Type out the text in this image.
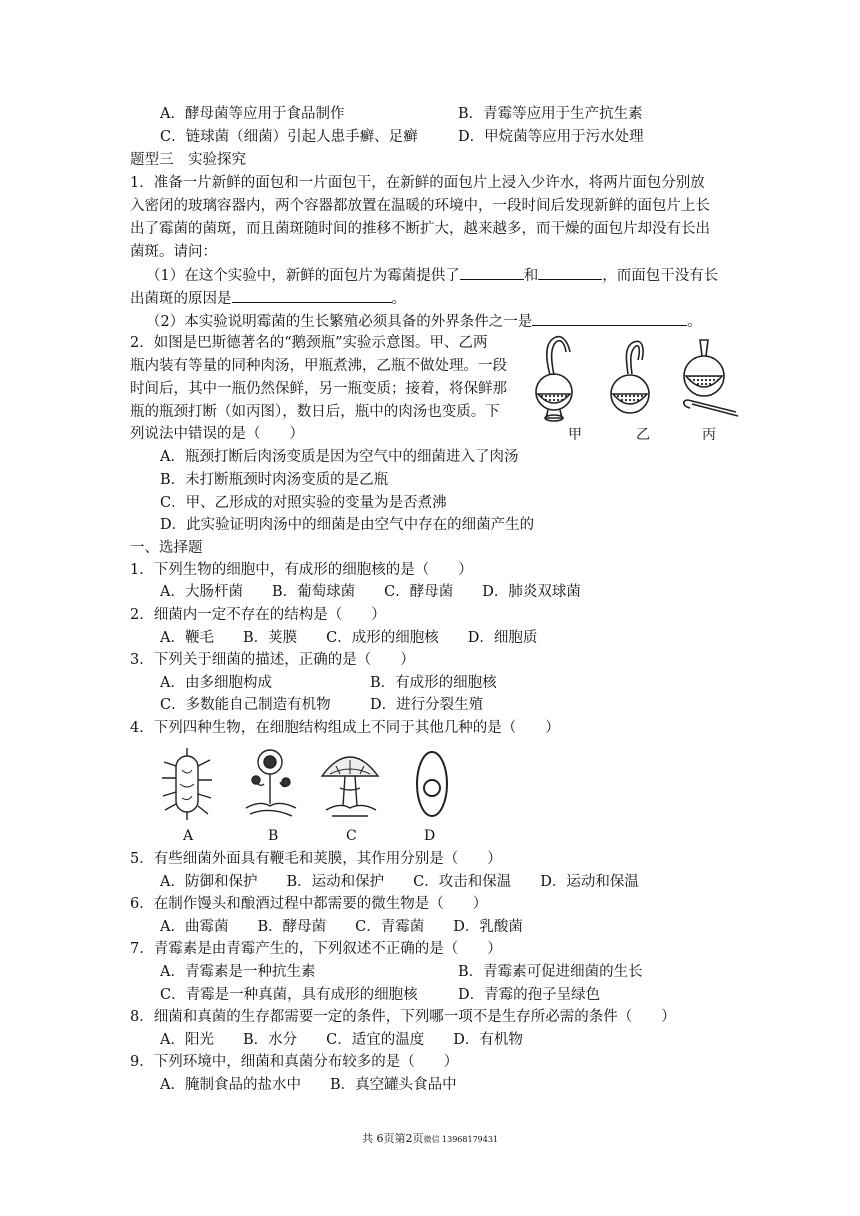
A．酵母菌等应用于食品制作	B．青霉等应用于生产抗生素
C．链球菌（细菌）引起人患手癣、足癣	D．甲烷菌等应用于污水处理
题型三　实验探究
1．准备一片新鲜的面包和一片面包干，在新鲜的面包片上浸入少许水，将两片面包分别放
入密闭的玻璃容器内，两个容器都放置在温暖的环境中，一段时间后发现新鲜的面包片上长
出了霉菌的菌斑，而且菌斑随时间的推移不断扩大，越来越多，而干燥的面包片却没有长出
菌斑。请问：
（1）在这个实验中，新鲜的面包片为霉菌提供了	和	，而面包干没有长
出菌斑的原因是	。
（2）本实验说明霉菌的生长繁殖必须具备的外界条件之一是	。
2．如图是巴斯德著名的“鹅颈瓶”实验示意图。甲、乙两
瓶内装有等量的同种肉汤，甲瓶煮沸，乙瓶不做处理。一段
时间后，其中一瓶仍然保鲜，另一瓶变质；接着，将保鲜那
瓶的瓶颈打断（如丙图），数日后，瓶中的肉汤也变质。下
列说法中错误的是（　　）	甲	乙	丙
A．瓶颈打断后肉汤变质是因为空气中的细菌进入了肉汤
B．未打断瓶颈时肉汤变质的是乙瓶
C．甲、乙形成的对照实验的变量为是否煮沸
D．此实验证明肉汤中的细菌是由空气中存在的细菌产生的
一、选择题
1．下列生物的细胞中，有成形的细胞核的是（　　）
A．大肠杆菌　　B．葡萄球菌　　C．酵母菌　　D．肺炎双球菌
2．细菌内一定不存在的结构是（　　）
A．鞭毛　　B．荚膜　　C．成形的细胞核　　D．细胞质
3．下列关于细菌的描述，正确的是（　　）
A．由多细胞构成	B．有成形的细胞核
C．多数能自己制造有机物	D．进行分裂生殖
4．下列四种生物，在细胞结构组成上不同于其他几种的是（　　）
A	B	C	D
5．有些细菌外面具有鞭毛和荚膜，其作用分别是（　　）
A．防御和保护　　B．运动和保护　　C．攻击和保温　　D．运动和保温
6．在制作馒头和酿酒过程中都需要的微生物是（　　）
A．曲霉菌　　B．酵母菌　　C．青霉菌　　D．乳酸菌
7．青霉素是由青霉产生的，下列叙述不正确的是（　　）
A．青霉素是一种抗生素	B．青霉素可促进细菌的生长
C．青霉是一种真菌，具有成形的细胞核	D．青霉的孢子呈绿色
8．细菌和真菌的生存都需要一定的条件，下列哪一项不是生存所必需的条件（　　）
A．阳光　　B．水分　　C．适宜的温度　　D．有机物
9．下列环境中，细菌和真菌分布较多的是（　　）
A．腌制食品的盐水中　　B．真空罐头食品中
共 6页第2页微信 13968179431
